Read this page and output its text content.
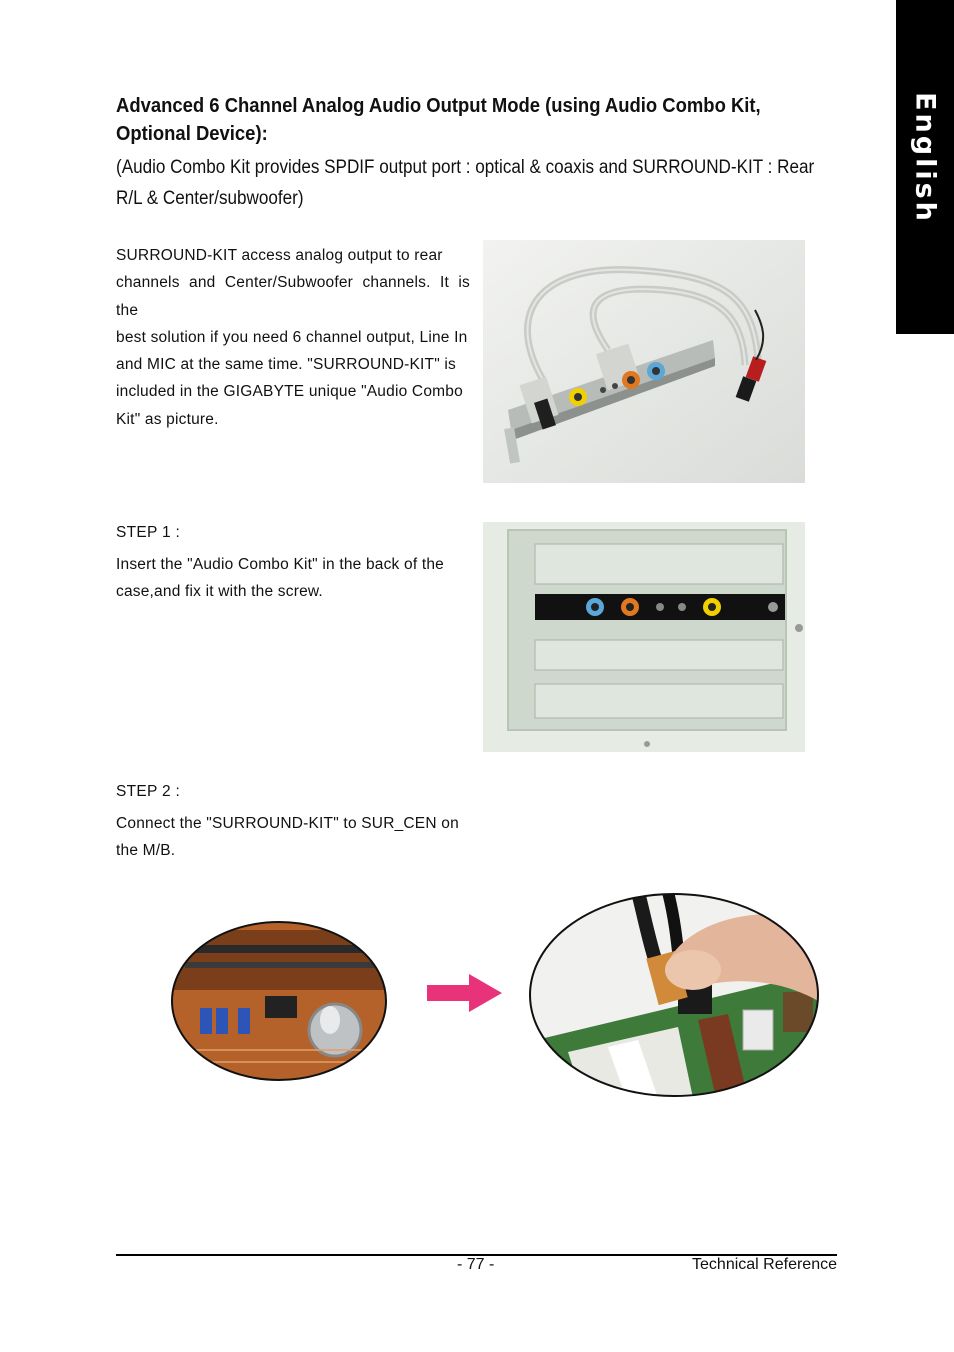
English
Advanced 6 Channel Analog Audio Output Mode (using Audio Combo Kit, Optional Device):
(Audio Combo Kit provides SPDIF output port : optical & coaxis and SURROUND-KIT : Rear R/L & Center/subwoofer)
SURROUND-KIT access analog output to rear
channels and Center/Subwoofer channels. It is the
best solution if you need 6 channel output, Line In
and MIC at the same time. "SURROUND-KIT" is
included in the GIGABYTE unique "Audio Combo
Kit" as picture.
STEP 1 :
Insert the "Audio Combo Kit" in the back of the
case,and fix it with the screw.
STEP 2 :
Connect the "SURROUND-KIT" to SUR_CEN on
the M/B.
- 77 -	Technical Reference
